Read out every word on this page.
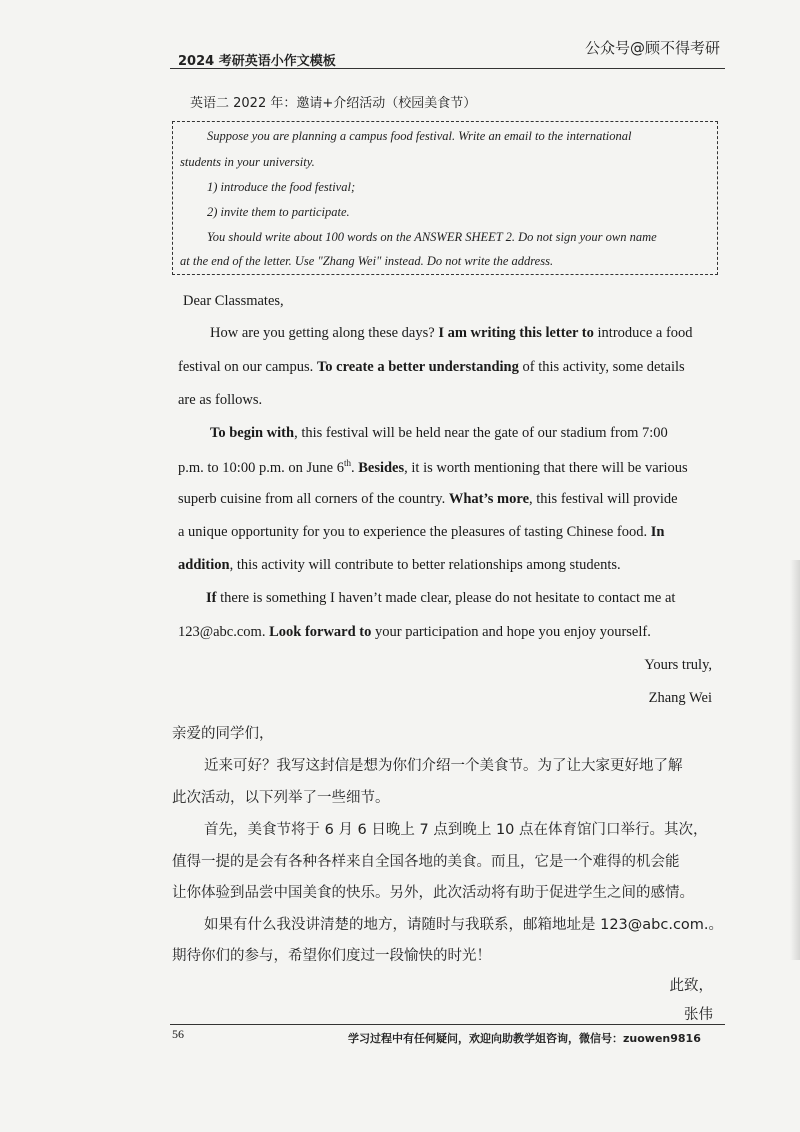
2024 考研英语小作文模板
公众号@顾不得考研
英语二 2022 年：邀请+介绍活动（校园美食节）
Suppose you are planning a campus food festival. Write an email to the international
students in your university.
1) introduce the food festival;
2) invite them to participate.
You should write about 100 words on the ANSWER SHEET 2. Do not sign your own name
at the end of the letter. Use "Zhang Wei" instead. Do not write the address.
Dear Classmates,
How are you getting along these days? I am writing this letter to introduce a food
festival on our campus. To create a better understanding of this activity, some details
are as follows.
To begin with, this festival will be held near the gate of our stadium from 7:00
p.m. to 10:00 p.m. on June 6th. Besides, it is worth mentioning that there will be various
superb cuisine from all corners of the country. What’s more, this festival will provide
a unique opportunity for you to experience the pleasures of tasting Chinese food. In
addition, this activity will contribute to better relationships among students.
If there is something I haven’t made clear, please do not hesitate to contact me at
123@abc.com. Look forward to your participation and hope you enjoy yourself.
Yours truly,
Zhang Wei
亲爱的同学们，
近来可好？我写这封信是想为你们介绍一个美食节。为了让大家更好地了解
此次活动，以下列举了一些细节。
首先，美食节将于 6 月 6 日晚上 7 点到晚上 10 点在体育馆门口举行。其次，
值得一提的是会有各种各样来自全国各地的美食。而且，它是一个难得的机会能
让你体验到品尝中国美食的快乐。另外，此次活动将有助于促进学生之间的感情。
如果有什么我没讲清楚的地方，请随时与我联系，邮箱地址是 123@abc.com.。
期待你们的参与，希望你们度过一段愉快的时光！
此致，
张伟
56	学习过程中有任何疑问，欢迎向助教学姐咨询，微信号：zuowen9816
